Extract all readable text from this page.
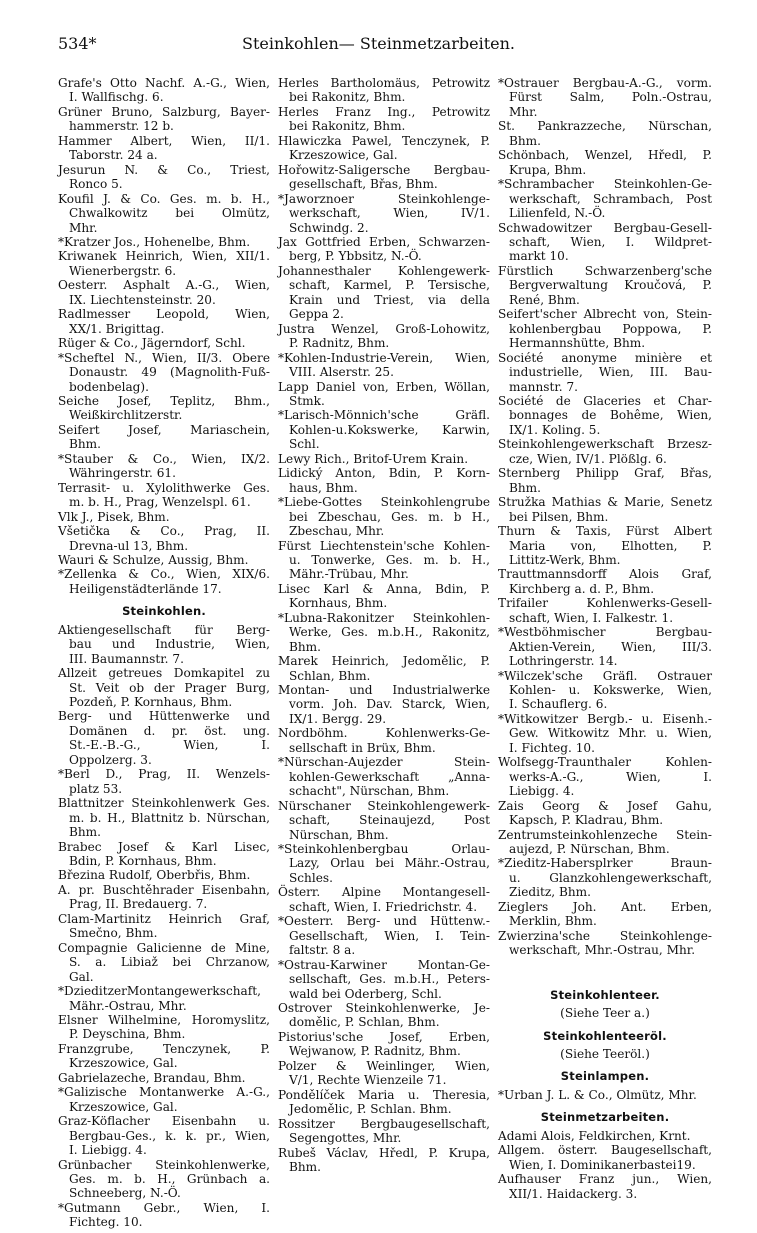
534*	Steinkohlen— Steinmetzarbeiten.
Grafe's Otto Nachf. A.-G., Wien,
I. Wallfischg. 6.
Grüner Bruno, Salzburg, Bayer-
hammerstr. 12 b.
Hammer Albert, Wien, II/1.
Taborstr. 24 a.
Jesurun N. & Co., Triest,
Ronco 5.
Koufil J. & Co. Ges. m. b. H.,
Chwalkowitz bei Olmütz,
Mhr.
*Kratzer Jos., Hohenelbe, Bhm.
Kriwanek Heinrich, Wien, XII/1.
Wienerbergstr. 6.
Oesterr. Asphalt A.-G., Wien,
IX. Liechtensteinstr. 20.
Radlmesser Leopold, Wien,
XX/1. Brigittag.
Rüger & Co., Jägerndorf, Schl.
*Scheftel N., Wien, II/3. Obere
Donaustr. 49 (Magnolith-Fuß-
bodenbelag).
Seiche Josef, Teplitz, Bhm.,
Weißkirchlitzerstr.
Seifert Josef, Mariaschein,
Bhm.
*Stauber & Co., Wien, IX/2.
Währingerstr. 61.
Terrasit- u. Xylolithwerke Ges.
m. b. H., Prag, Wenzelspl. 61.
Vlk J., Pisek, Bhm.
Všetička & Co., Prag, II.
Drevna-ul 13, Bhm.
Wauri & Schulze, Aussig, Bhm.
*Zellenka & Co., Wien, XIX/6.
Heiligenstädterlände 17.
Steinkohlen.
Aktiengesellschaft für Berg-
bau und Industrie, Wien,
III. Baumannstr. 7.
Allzeit getreues Domkapitel zu
St. Veit ob der Prager Burg,
Pozdeň, P. Kornhaus, Bhm.
Berg- und Hüttenwerke und
Domänen d. pr. öst. ung.
St.-E.-B.-G., Wien, I.
Oppolzerg. 3.
*Berl D., Prag, II. Wenzels-
platz 53.
Blattnitzer Steinkohlenwerk Ges.
m. b. H., Blattnitz b. Nürschan,
Bhm.
Brabec Josef & Karl Lisec,
Bdin, P. Kornhaus, Bhm.
Březina Rudolf, Oberbřis, Bhm.
A. pr. Buschtěhrader Eisenbahn,
Prag, II. Bredauerg. 7.
Clam-Martinitz Heinrich Graf,
Smečno, Bhm.
Compagnie Galicienne de Mine,
S. a. Libiaž bei Chrzanow,
Gal.
*DzieditzerMontangewerkschaft,
Mähr.-Ostrau, Mhr.
Elsner Wilhelmine, Horomyslitz,
P. Deyschina, Bhm.
Franzgrube, Tenczynek, P.
Krzeszowice, Gal.
Gabrielazeche, Brandau, Bhm.
*Galizische Montanwerke A.-G.,
Krzeszowice, Gal.
Graz-Köflacher Eisenbahn u.
Bergbau-Ges., k. k. pr., Wien,
I. Liebigg. 4.
Grünbacher Steinkohlenwerke,
Ges. m. b. H., Grünbach a.
Schneeberg, N.-Ö.
*Gutmann Gebr., Wien, I.
Fichteg. 10.
Herles Bartholomäus, Petrowitz
bei Rakonitz, Bhm.
Herles Franz Ing., Petrowitz
bei Rakonitz, Bhm.
Hlawiczka Pawel, Tenczynek, P.
Krzeszowice, Gal.
Hořowitz-Saligersche Bergbau-
gesellschaft, Břas, Bhm.
*Jaworznoer Steinkohlenge-
werkschaft, Wien, IV/1.
Schwindg. 2.
Jax Gottfried Erben, Schwarzen-
berg, P. Ybbsitz, N.-Ö.
Johannesthaler Kohlengewerk-
schaft, Karmel, P. Tersische,
Krain und Triest, via della
Geppa 2.
Justra Wenzel, Groß-Lohowitz,
P. Radnitz, Bhm.
*Kohlen-Industrie-Verein, Wien,
VIII. Alserstr. 25.
Lapp Daniel von, Erben, Wöllan,
Stmk.
*Larisch-Mönnich'sche Gräfl.
Kohlen-u.Kokswerke, Karwin,
Schl.
Lewy Rich., Britof-Urem Krain.
Lidický Anton, Bdin, P. Korn-
haus, Bhm.
*Liebe-Gottes Steinkohlengrube
bei Zbeschau, Ges. m. b H.,
Zbeschau, Mhr.
Fürst Liechtenstein'sche Kohlen-
u. Tonwerke, Ges. m. b. H.,
Mähr.-Trübau, Mhr.
Lisec Karl & Anna, Bdin, P.
Kornhaus, Bhm.
*Lubna-Rakonitzer Steinkohlen-
Werke, Ges. m.b.H., Rakonitz,
Bhm.
Marek Heinrich, Jedomělic, P.
Schlan, Bhm.
Montan- und Industrialwerke
vorm. Joh. Dav. Starck, Wien,
IX/1. Bergg. 29.
Nordböhm. Kohlenwerks-Ge-
sellschaft in Brüx, Bhm.
*Nürschan-Aujezder Stein-
kohlen-Gewerkschaft „Anna-
schacht", Nürschan, Bhm.
Nürschaner Steinkohlengewerk-
schaft, Steinaujezd, Post
Nürschan, Bhm.
*Steinkohlenbergbau Orlau-
Lazy, Orlau bei Mähr.-Ostrau,
Schles.
Österr. Alpine Montangesell-
schaft, Wien, I. Friedrichstr. 4.
*Oesterr. Berg- und Hüttenw.-
Gesellschaft, Wien, I. Tein-
faltstr. 8 a.
*Ostrau-Karwiner Montan-Ge-
sellschaft, Ges. m.b.H., Peters-
wald bei Oderberg, Schl.
Ostrover Steinkohlenwerke, Je-
domělic, P. Schlan, Bhm.
Pistorius'sche Josef, Erben,
Wejwanow, P. Radnitz, Bhm.
Polzer & Weinlinger, Wien,
V/1, Rechte Wienzeile 71.
Pondělíček Maria u. Theresia,
Jedomělic, P. Schlan. Bhm.
Rossitzer Bergbaugesellschaft,
Segengottes, Mhr.
Rubeš Václav, Hředl, P. Krupa,
Bhm.
*Ostrauer Bergbau-A.-G., vorm.
Fürst Salm, Poln.-Ostrau,
Mhr.
St. Pankrazzeche, Nürschan,
Bhm.
Schönbach, Wenzel, Hředl, P.
Krupa, Bhm.
*Schrambacher Steinkohlen-Ge-
werkschaft, Schrambach, Post
Lilienfeld, N.-Ö.
Schwadowitzer Bergbau-Gesell-
schaft, Wien, I. Wildpret-
markt 10.
Fürstlich Schwarzenberg'sche
Bergverwaltung Kroučová, P.
René, Bhm.
Seifert'scher Albrecht von, Stein-
kohlenbergbau Poppowa, P.
Hermannshütte, Bhm.
Société anonyme minière et
industrielle, Wien, III. Bau-
mannstr. 7.
Société de Glaceries et Char-
bonnages de Bohême, Wien,
IX/1. Koling. 5.
Steinkohlengewerkschaft Brzesz-
cze, Wien, IV/1. Plößlg. 6.
Sternberg Philipp Graf, Břas,
Bhm.
Stružka Mathias & Marie, Senetz
bei Pilsen, Bhm.
Thurn & Taxis, Fürst Albert
Maria von, Elhotten, P.
Littitz-Werk, Bhm.
Trauttmannsdorff Alois Graf,
Kirchberg a. d. P., Bhm.
Trifailer Kohlenwerks-Gesell-
schaft, Wien, I. Falkestr. 1.
*Westböhmischer Bergbau-
Aktien-Verein, Wien, III/3.
Lothringerstr. 14.
*Wilczek'sche Gräfl. Ostrauer
Kohlen- u. Kokswerke, Wien,
I. Schauflerg. 6.
*Witkowitzer Bergb.- u. Eisenh.-
Gew. Witkowitz Mhr. u. Wien,
I. Fichteg. 10.
Wolfsegg-Traunthaler Kohlen-
werks-A.-G., Wien, I.
Liebigg. 4.
Zais Georg & Josef Gahu,
Kapsch, P. Kladrau, Bhm.
Zentrumsteinkohlenzeche Stein-
aujezd, P. Nürschan, Bhm.
*Zieditz-Habersplrker Braun-
u. Glanzkohlengewerkschaft,
Zieditz, Bhm.
Zieglers Joh. Ant. Erben,
Merklin, Bhm.
Zwierzina'sche Steinkohlenge-
werkschaft, Mhr.-Ostrau, Mhr.
Steinkohlenteer.
(Siehe Teer a.)
Steinkohlenteeröl.
(Siehe Teeröl.)
Steinlampen.
*Urban J. L. & Co., Olmütz, Mhr.
Steinmetzarbeiten.
Adami Alois, Feldkirchen, Krnt.
Allgem. österr. Baugesellschaft,
Wien, I. Dominikanerbastei19.
Aufhauser Franz jun., Wien,
XII/1. Haidackerg. 3.
